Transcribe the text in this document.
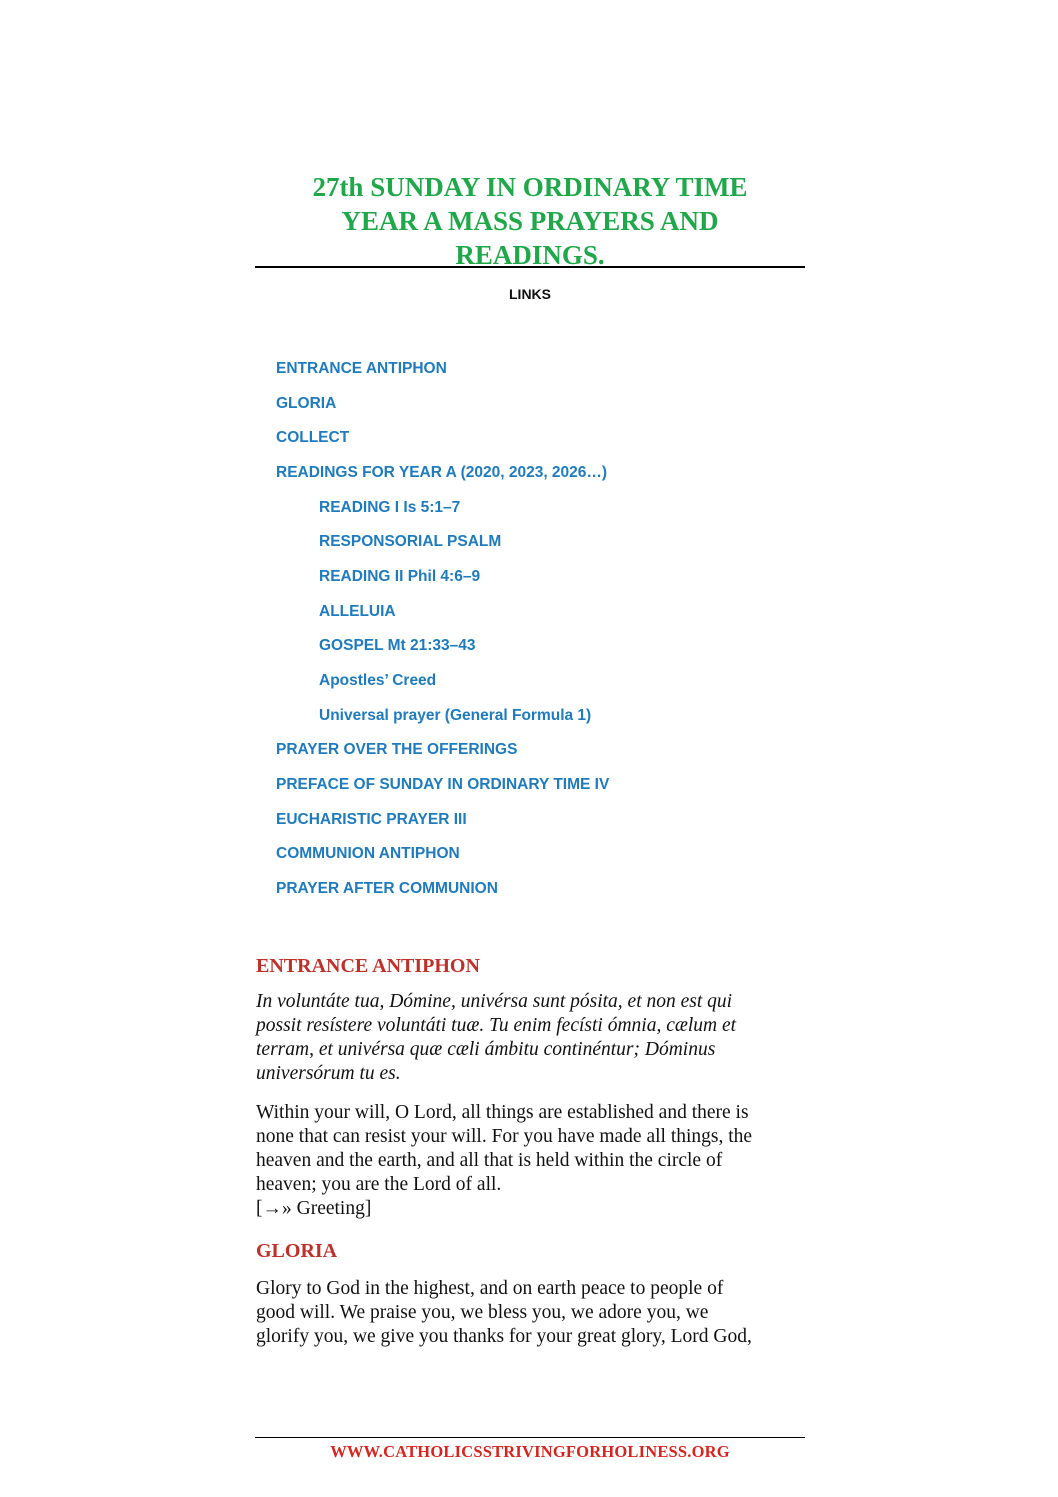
27th SUNDAY IN ORDINARY TIME
YEAR A MASS PRAYERS AND
READINGS.
LINKS
ENTRANCE ANTIPHON
GLORIA
COLLECT
READINGS FOR YEAR A (2020, 2023, 2026…)
READING I Is 5:1–7
RESPONSORIAL PSALM
READING II Phil 4:6–9
ALLELUIA
GOSPEL Mt 21:33–43
Apostles’ Creed
Universal prayer (General Formula 1)
PRAYER OVER THE OFFERINGS
PREFACE OF SUNDAY IN ORDINARY TIME IV
EUCHARISTIC PRAYER III
COMMUNION ANTIPHON
PRAYER AFTER COMMUNION
ENTRANCE ANTIPHON

In voluntáte tua, Dómine, univérsa sunt pósita, et non est qui
possit resístere voluntáti tuæ. Tu enim fecísti ómnia, cælum et
terram, et univérsa quæ cæli ámbitu continéntur; Dóminus
universórum tu es.

Within your will, O Lord, all things are established and there is
none that can resist your will. For you have made all things, the
heaven and the earth, and all that is held within the circle of
heaven; you are the Lord of all.
[→» Greeting]

GLORIA

Glory to God in the highest, and on earth peace to people of
good will. We praise you, we bless you, we adore you, we
glorify you, we give you thanks for your great glory, Lord God,

WWW.CATHOLICSSTRIVINGFORHOLINESS.ORG
